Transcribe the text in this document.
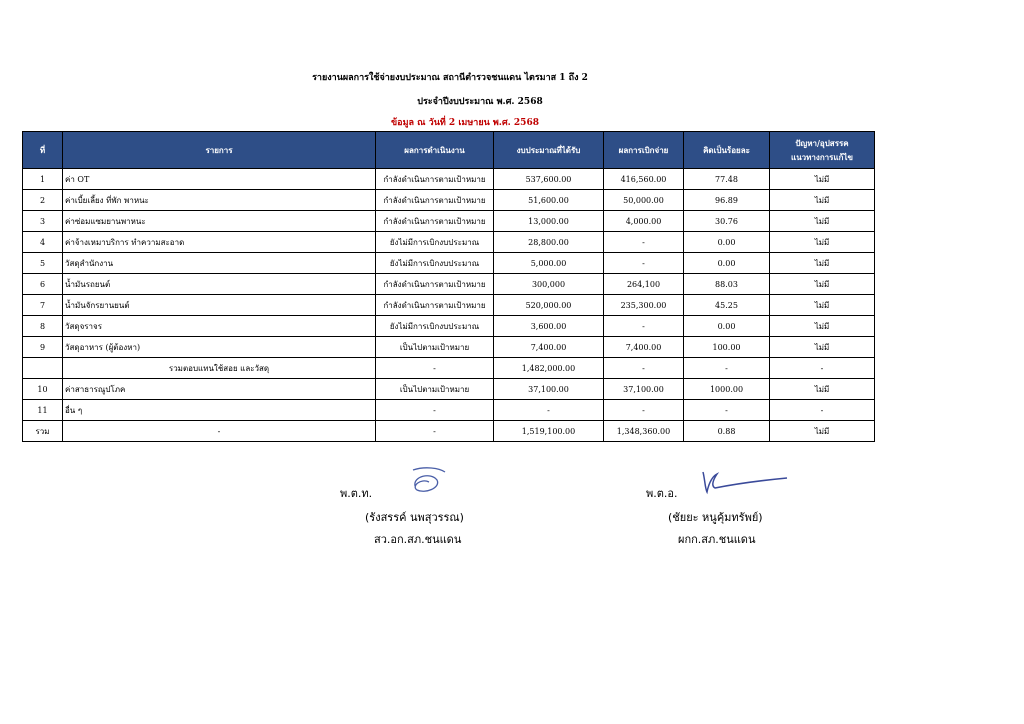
รายงานผลการใช้จ่ายงบประมาณ สถานีตำรวจชนแดน ไตรมาส 1 ถึง 2
ประจำปีงบประมาณ พ.ศ. 2568
ข้อมูล ณ วันที่ 2 เมษายน พ.ศ. 2568
ที่	รายการ	ผลการดำเนินงาน	งบประมาณที่ได้รับ	ผลการเบิกจ่าย	คิดเป็นร้อยละ	ปัญหา/อุปสรรค
แนวทางการแก้ไข
1	ค่า OT	กำลังดำเนินการตามเป้าหมาย	537,600.00	416,560.00	77.48	ไม่มี
2	ค่าเบี้ยเลี้ยง ที่พัก พาหนะ	กำลังดำเนินการตามเป้าหมาย	51,600.00	50,000.00	96.89	ไม่มี
3	ค่าซ่อมแซมยานพาหนะ	กำลังดำเนินการตามเป้าหมาย	13,000.00	4,000.00	30.76	ไม่มี
4	ค่าจ้างเหมาบริการ ทำความสะอาด	ยังไม่มีการเบิกงบประมาณ	28,800.00	-	0.00	ไม่มี
5	วัสดุสำนักงาน	ยังไม่มีการเบิกงบประมาณ	5,000.00	-	0.00	ไม่มี
6	น้ำมันรถยนต์	กำลังดำเนินการตามเป้าหมาย	300,000	264,100	88.03	ไม่มี
7	น้ำมันจักรยานยนต์	กำลังดำเนินการตามเป้าหมาย	520,000.00	235,300.00	45.25	ไม่มี
8	วัสดุจราจร	ยังไม่มีการเบิกงบประมาณ	3,600.00	-	0.00	ไม่มี
9	วัสดุอาหาร (ผู้ต้องหา)	เป็นไปตามเป้าหมาย	7,400.00	7,400.00	100.00	ไม่มี
	รวมตอบแทนใช้สอย และวัสดุ	-	1,482,000.00	-	-	-
10	ค่าสาธารณูปโภค	เป็นไปตามเป้าหมาย	37,100.00	37,100.00	1000.00	ไม่มี
11	อื่น ๆ	-	-	-	-	-
รวม	-	-	1,519,100.00	1,348,360.00	0.88	ไม่มี
พ.ต.ท.
(รังสรรค์ นพสุวรรณ)
สว.อก.สภ.ชนแดน
พ.ต.อ.
(ชัยยะ หนูคุ้มทรัพย์)
ผกก.สภ.ชนแดน
